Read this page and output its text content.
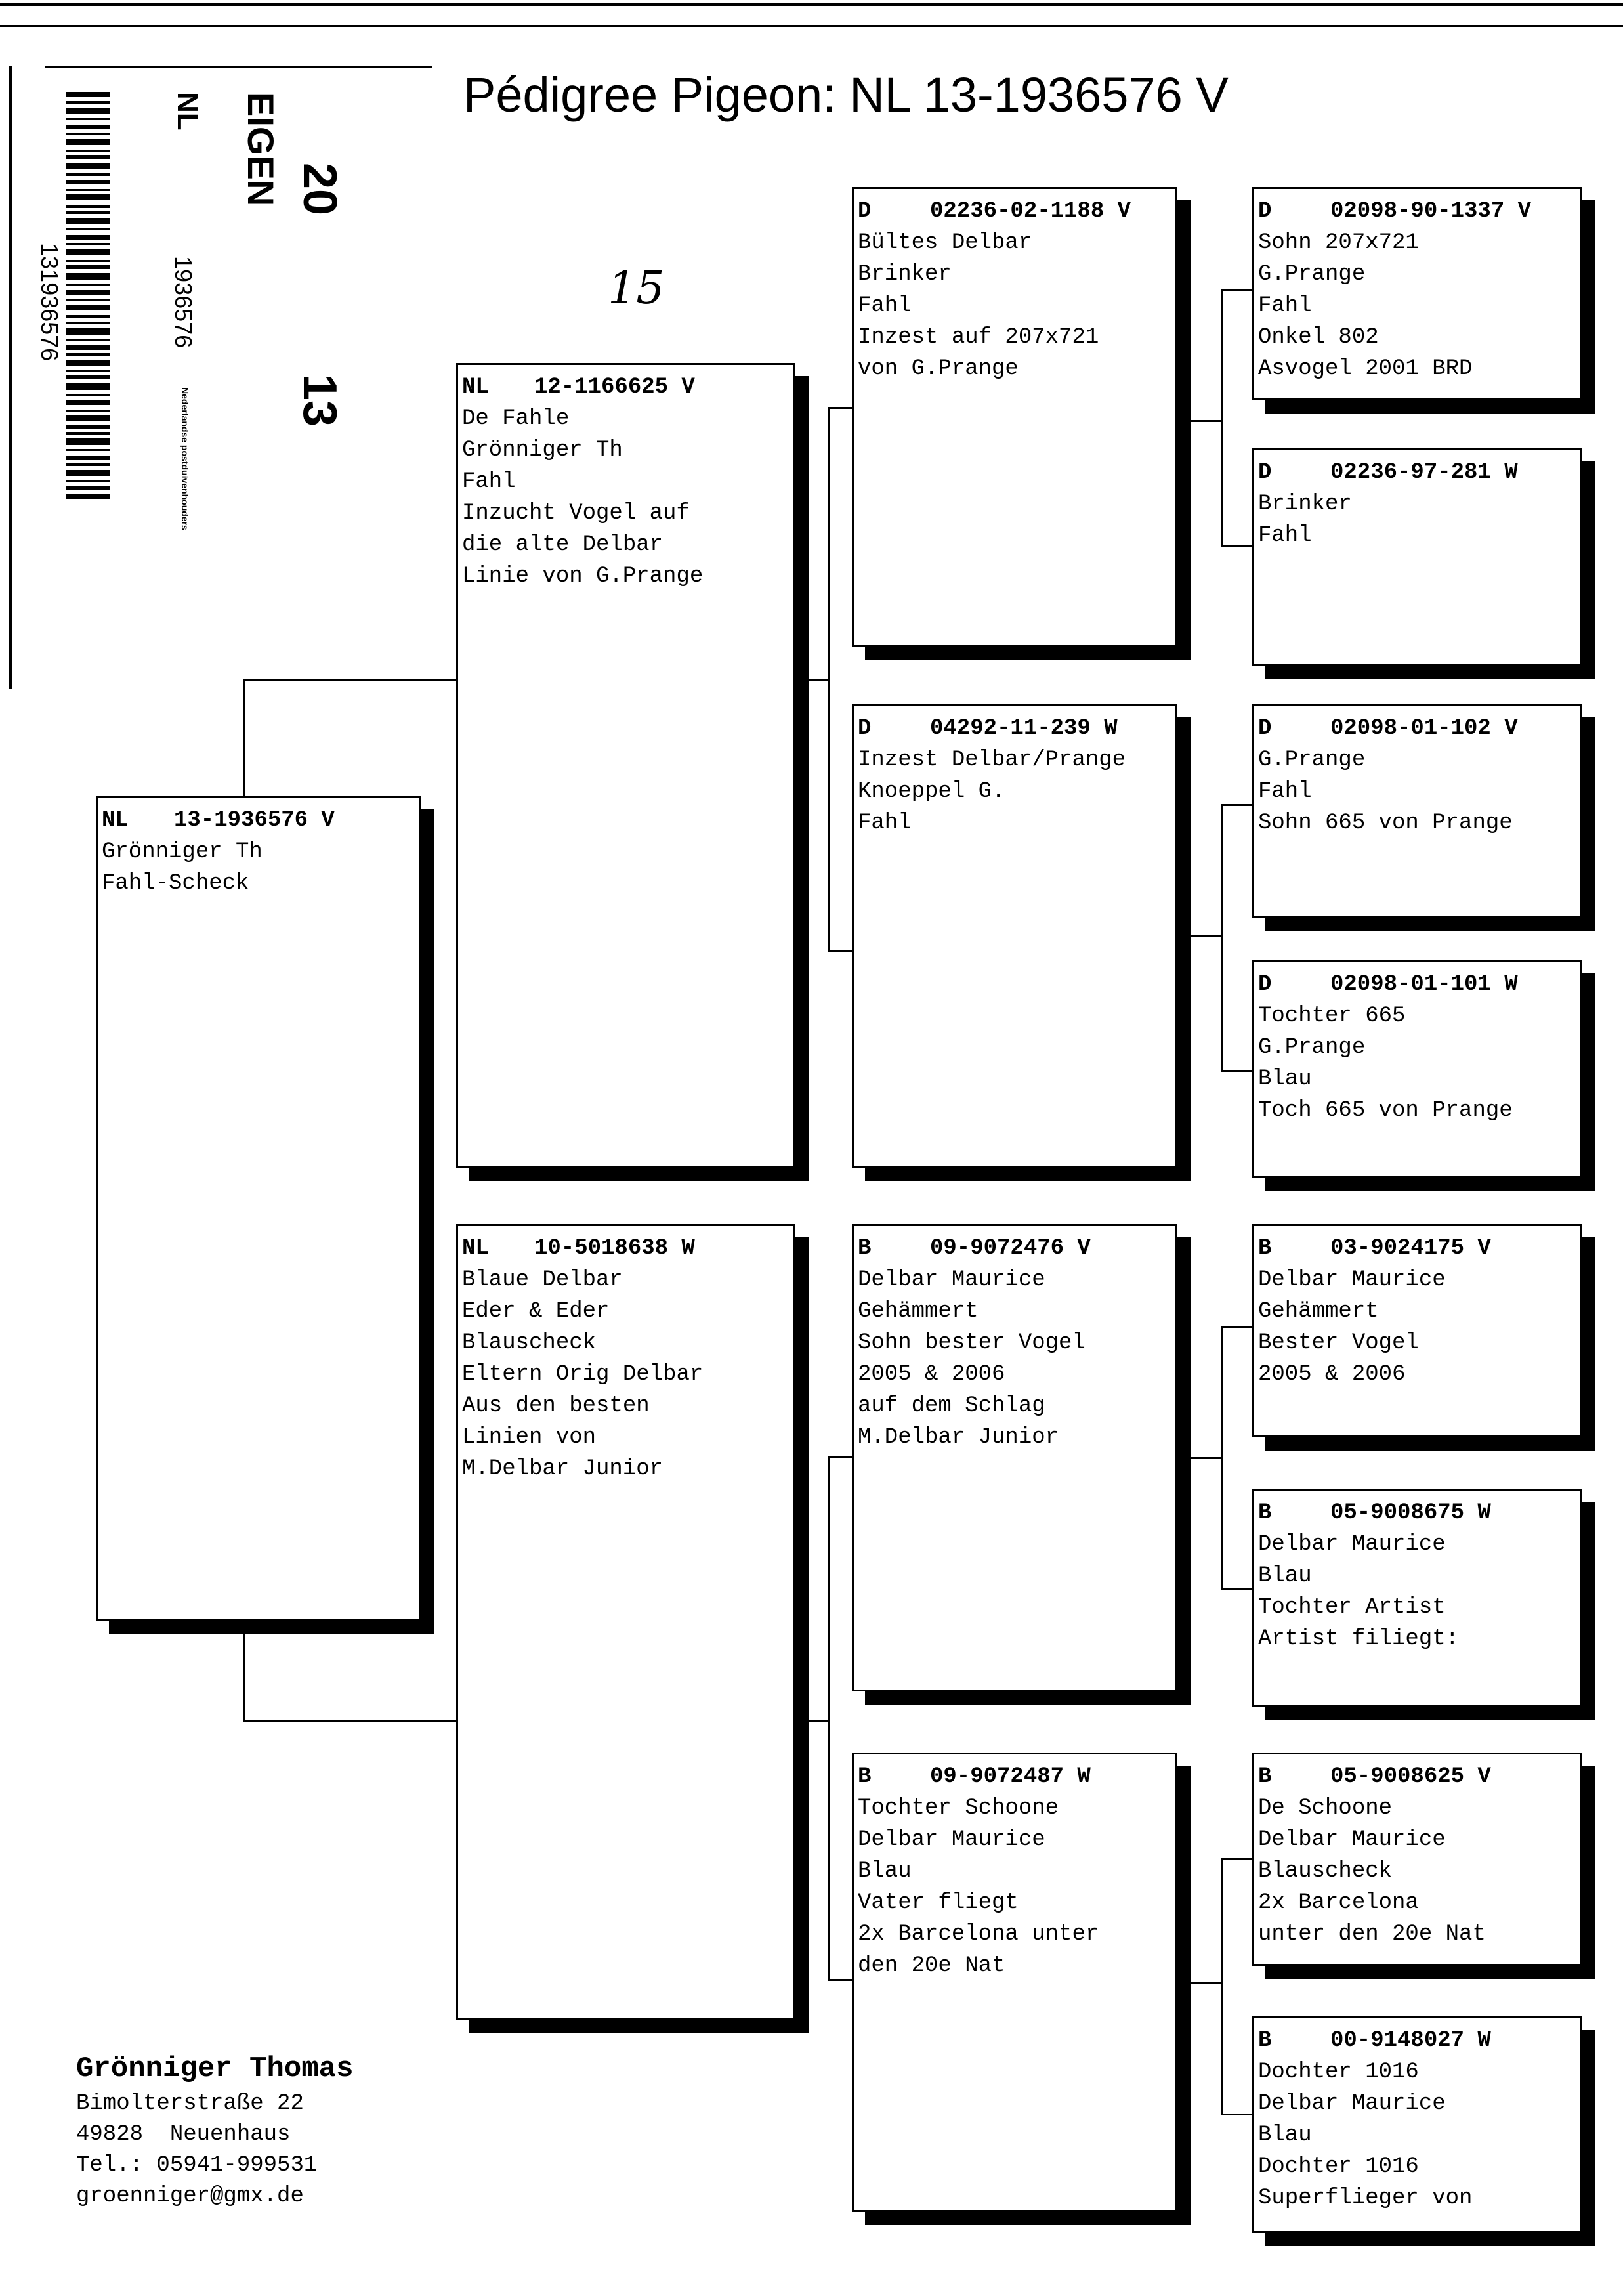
Pédigree Pigeon: NL 13-1936576 V
131936576
NL EIGEN 20
13
1936576
Nederlandse postduivenhouders
15
NL	13-1936576 V
Grönniger Th
Fahl-Scheck
NL	12-1166625 V
De Fahle
Grönniger Th
Fahl
Inzucht Vogel auf
die alte Delbar
Linie von G.Prange
NL	10-5018638 W
Blaue Delbar
Eder & Eder
Blauscheck
Eltern Orig Delbar
Aus den besten
Linien von
M.Delbar Junior
D	02236-02-1188 V
Bültes Delbar
Brinker
Fahl
Inzest auf 207x721
von G.Prange
D	04292-11-239 W
Inzest Delbar/Prange
Knoeppel G.
Fahl
B	09-9072476 V
Delbar Maurice
Gehämmert
Sohn bester Vogel
2005 & 2006
auf dem Schlag
M.Delbar Junior
B	09-9072487 W
Tochter Schoone
Delbar Maurice
Blau
Vater fliegt
2x Barcelona unter
den 20e Nat
D	02098-90-1337 V
Sohn 207x721
G.Prange
Fahl
Onkel 802
Asvogel 2001 BRD
D	02236-97-281 W
Brinker
Fahl
D	02098-01-102 V
G.Prange
Fahl
Sohn 665 von Prange
D	02098-01-101 W
Tochter 665
G.Prange
Blau
Toch 665 von Prange
B	03-9024175 V
Delbar Maurice
Gehämmert
Bester Vogel
2005 & 2006
B	05-9008675 W
Delbar Maurice
Blau
Tochter Artist
Artist filiegt:
B	05-9008625 V
De Schoone
Delbar Maurice
Blauscheck
2x Barcelona
unter den 20e Nat
B	00-9148027 W
Dochter 1016
Delbar Maurice
Blau
Dochter 1016
Superflieger von
Grönniger Thomas
Bimolterstraße 22
49828  Neuenhaus
Tel.: 05941-999531
groenniger@gmx.de
